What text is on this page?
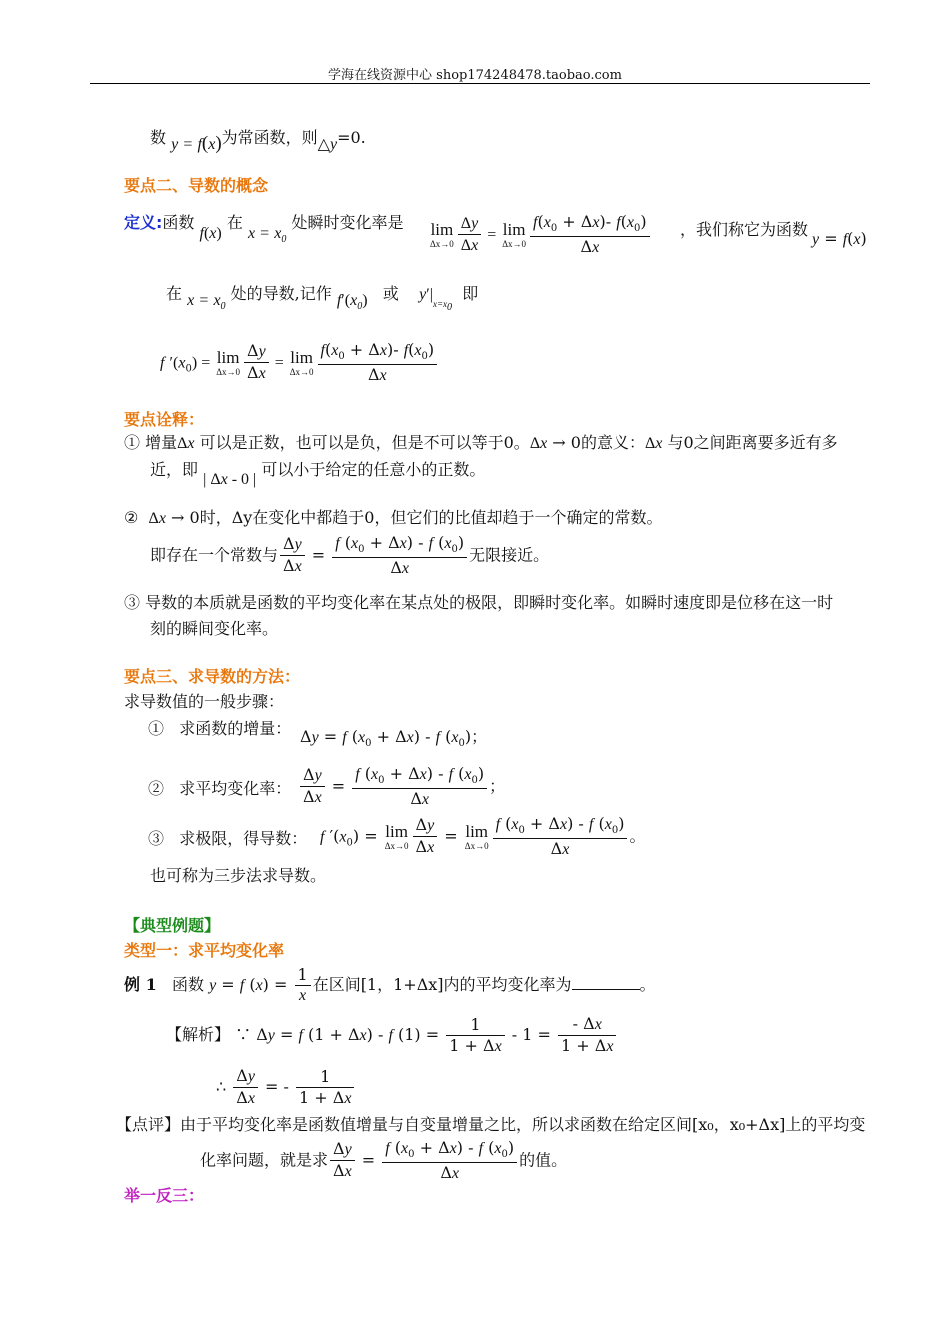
学海在线资源中心 shop174248478.taobao.com
数 y = f(x)为常函数，则△y=0.
要点二、导数的概念
定义:函数 f(x) 在 $x = x_0$ 处瞬时变化率是 lim
$\Delta x\to 0 \frac{\Delta y}{\Delta x} = \lim$
$\Delta x\to 0 \frac{f(x_0 + \Delta x)- f(x_0)}{\Delta x}$ ，我们称它为函数
y = f(x)
在 $x = x_0$ 处的导数,记作 $f'(x_0)$ 或 $y'|_{x=x_0}$  即
f $'(x_0) = \lim$
$\Delta x\to 0 \frac{\Delta y}{\Delta x} = \lim$
$\Delta x\to 0 \frac{f(x_0 + \Delta x)- f(x_0)}{\Delta x}$
要点诠释：
① 增量Δx 可以是正数，也可以是负，但是不可以等于0。Δx → 0的意义：Δx 与0之间距离要多近有多
近，即 | Δx - 0 | 可以小于给定的任意小的正数。
② Δx → 0时，Δy在变化中都趋于0，但它们的比值却趋于一个确定的常数。
即存在一个常数与 $\frac{\Delta y}{\Delta x} = \frac{f (x_0 + \Delta x) - f (x_0)}{\Delta x}$ 无限接近。
③ 导数的本质就是函数的平均变化率在某点处的极限，即瞬时变化率。如瞬时速度即是位移在这一时
刻的瞬间变化率。
要点三、求导数的方法：
求导数值的一般步骤：
① 求函数的增量： Δy = f $(x_0 + \Delta x) - f$ $(x_0)$；
② 求平均变化率： $\frac{\Delta y}{\Delta x} = \frac{f (x_0 + \Delta x) - f (x_0)}{\Delta x}$ ；
③ 求极限，得导数： f $'(x_0) = \lim$
$\Delta x\to 0 \frac{\Delta y}{\Delta x} = \lim$
$\Delta x\to 0 \frac{f (x_0 + \Delta x) - f (x_0)}{\Delta x}$ 。
也可称为三步法求导数。
【典型例题】
类型一：求平均变化率
例 1 函数 y = f $(x) = \frac{1}{x}$ 在区间[1，1+Δx]内的平均变化率为	。
【解析】 ∵ Δy = f (1 + Δx) - f $(1) = \frac{1}{1 + \Delta x} - 1 = \frac{- \Delta x}{1 + \Delta x}$
∴ $\frac{\Delta y}{\Delta x}$ = - $\frac{1}{1 + \Delta x}$
【点评】由于平均变化率是函数值增量与自变量增量之比，所以求函数在给定区间[x₀，x₀+Δx]上的平均变
化率问题，就是求 $\frac{\Delta y}{\Delta x} = \frac{f (x_0 + \Delta x) - f (x_0)}{\Delta x}$ 的值。
举一反三：
